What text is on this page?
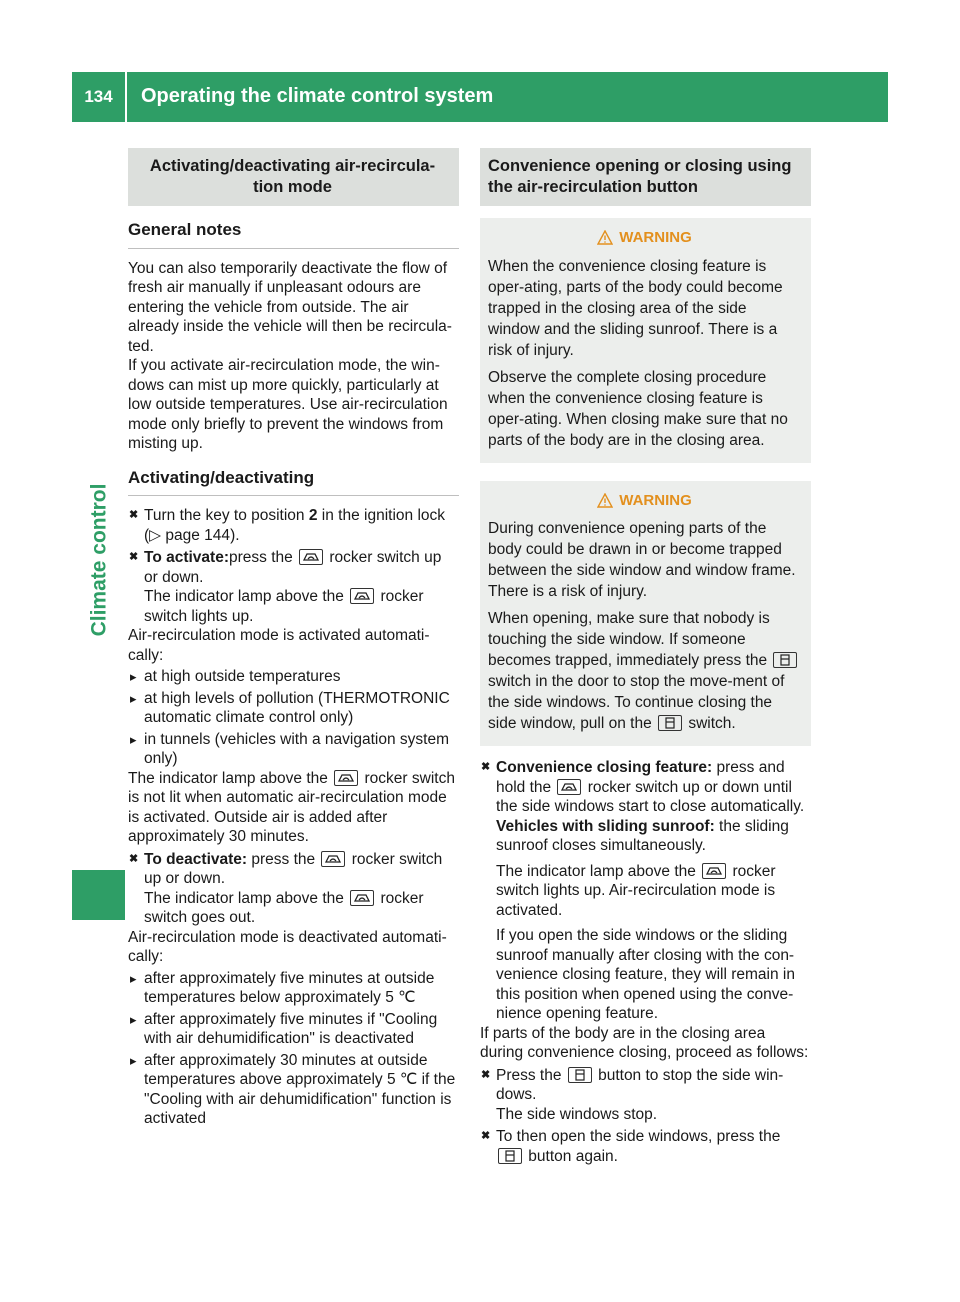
134	Operating the climate control system
Climate control
Activating/deactivating air-recircula-tion mode
General notes

You can also temporarily deactivate the flow of fresh air manually if unpleasant odours are entering the vehicle from outside. The air already inside the vehicle will then be recircula-ted.

If you activate air-recirculation mode, the win-dows can mist up more quickly, particularly at low outside temperatures. Use air-recirculation mode only briefly to prevent the windows from misting up.

Activating/deactivating
✖ Turn the key to position 2 in the ignition lock (▷ page 144).
✖ To activate:press the
rocker switch up or down.
The indicator lamp above the
rocker switch lights up.

Air-recirculation mode is activated automati-cally:

▸ at high outside temperatures
▸ at high levels of pollution (THERMOTRONIC automatic climate control only)
▸ in tunnels (vehicles with a navigation system only)

The indicator lamp above the
rocker switch is not lit when automatic air-recirculation mode is activated. Outside air is added after approximately 30 minutes.

✖ To deactivate: press the
rocker switch up or down.
The indicator lamp above the
rocker switch goes out.

Air-recirculation mode is deactivated automati-cally:

▸ after approximately five minutes at outside temperatures below approximately 5 ℃
▸ after approximately five minutes if "Cooling with air dehumidification" is deactivated
▸ after approximately 30 minutes at outside temperatures above approximately 5 ℃ if the "Cooling with air dehumidification" function is activated
Convenience opening or closing using the air-recirculation button
WARNING

When the convenience closing feature is oper-ating, parts of the body could become trapped in the closing area of the side window and the sliding sunroof. There is a risk of injury.

Observe the complete closing procedure when the convenience closing feature is oper-ating. When closing make sure that no parts of the body are in the closing area.

WARNING

During convenience opening parts of the body could be drawn in or become trapped between the side window and window frame. There is a risk of injury.

When opening, make sure that nobody is touching the side window. If someone becomes trapped, immediately press the
switch in the door to stop the move-ment of the side windows. To continue closing the side window, pull on the
switch.

✖ Convenience closing feature: press and hold the
rocker switch up or down until the side windows start to close automatically.
Vehicles with sliding sunroof: the sliding sunroof closes simultaneously.
The indicator lamp above the
rocker switch lights up. Air-recirculation mode is activated.
If you open the side windows or the sliding sunroof manually after closing with the con-venience closing feature, they will remain in this position when opened using the conve-nience opening feature.

If parts of the body are in the closing area during convenience closing, proceed as follows:

✖ Press the
button to stop the side win-dows.
The side windows stop.
✖ To then open the side windows, press the
button again.
